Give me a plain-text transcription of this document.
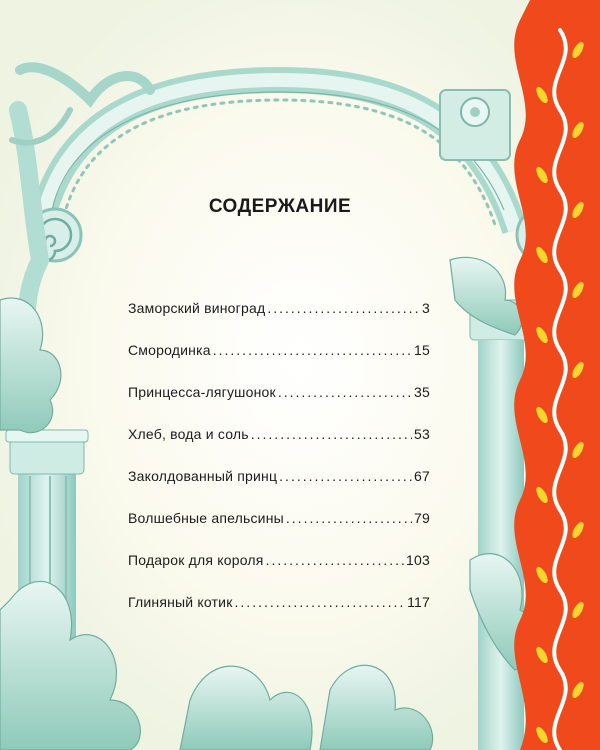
СОДЕРЖАНИЕ
Заморский виноград .....	3
Смородинка .....	15
Принцесса-лягушонок .....	35
Хлеб, вода и соль .....	53
Заколдованный принц .....	67
Волшебные апельсины .....	79
Подарок для короля .....	103
Глиняный котик .....	117
